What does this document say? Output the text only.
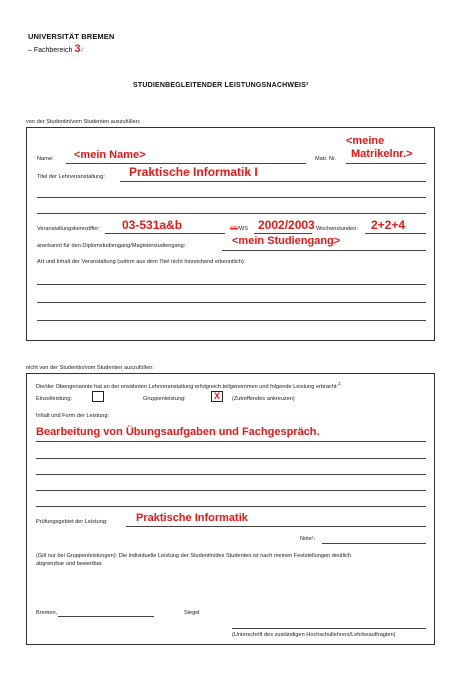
UNIVERSITÄT BREMEN
– Fachbereich 3-'
STUDIENBEGLEITENDER LEISTUNGSNACHWEIS²
von der Studentin/vom Studenten auszufüllen:
Name: <mein Name>	Matr. Nr.
<meine
Matrikelnr.>
Titel der Lehrveranstaltung: Praktische Informatik I
Veranstaltungskennziffer: 03-531a&b	SS/WS 2002/2003 Wochenstunden: 2+2+4
anerkannt für den Diplomstudiengang/Magisterstudiengang:	<mein Studiengang>
Art und Inhalt der Veranstaltung (sofern aus dem Titel nicht hinreichend erkenntlich):
nicht von der Studentin/vom Studenten auszufüllen:
Die/der Obengenannte hat an der erwähnten Lehrveranstaltung erfolgreich teilgenommen und folgende Leistung erbracht:$^1$
Einzelleistung:	Gruppenleistung:	X	(Zutreffendes ankreuzen)
Inhalt und Form der Leistung:
Bearbeitung von Übungsaufgaben und Fachgespräch.
Prüfungsgebiet der Leistung:	Praktische Informatik
Note¹:
(Gilt nur bei Gruppenleistungen): Die individuelle Leistung der Studentin/des Studenten ist nach meinen Feststellungen deutlich
abgrenzbar und bewertbar.
Bremen,	Siegel
(Unterschrift des zuständigen Hochschullehrers/Lehrbeauftragten)
